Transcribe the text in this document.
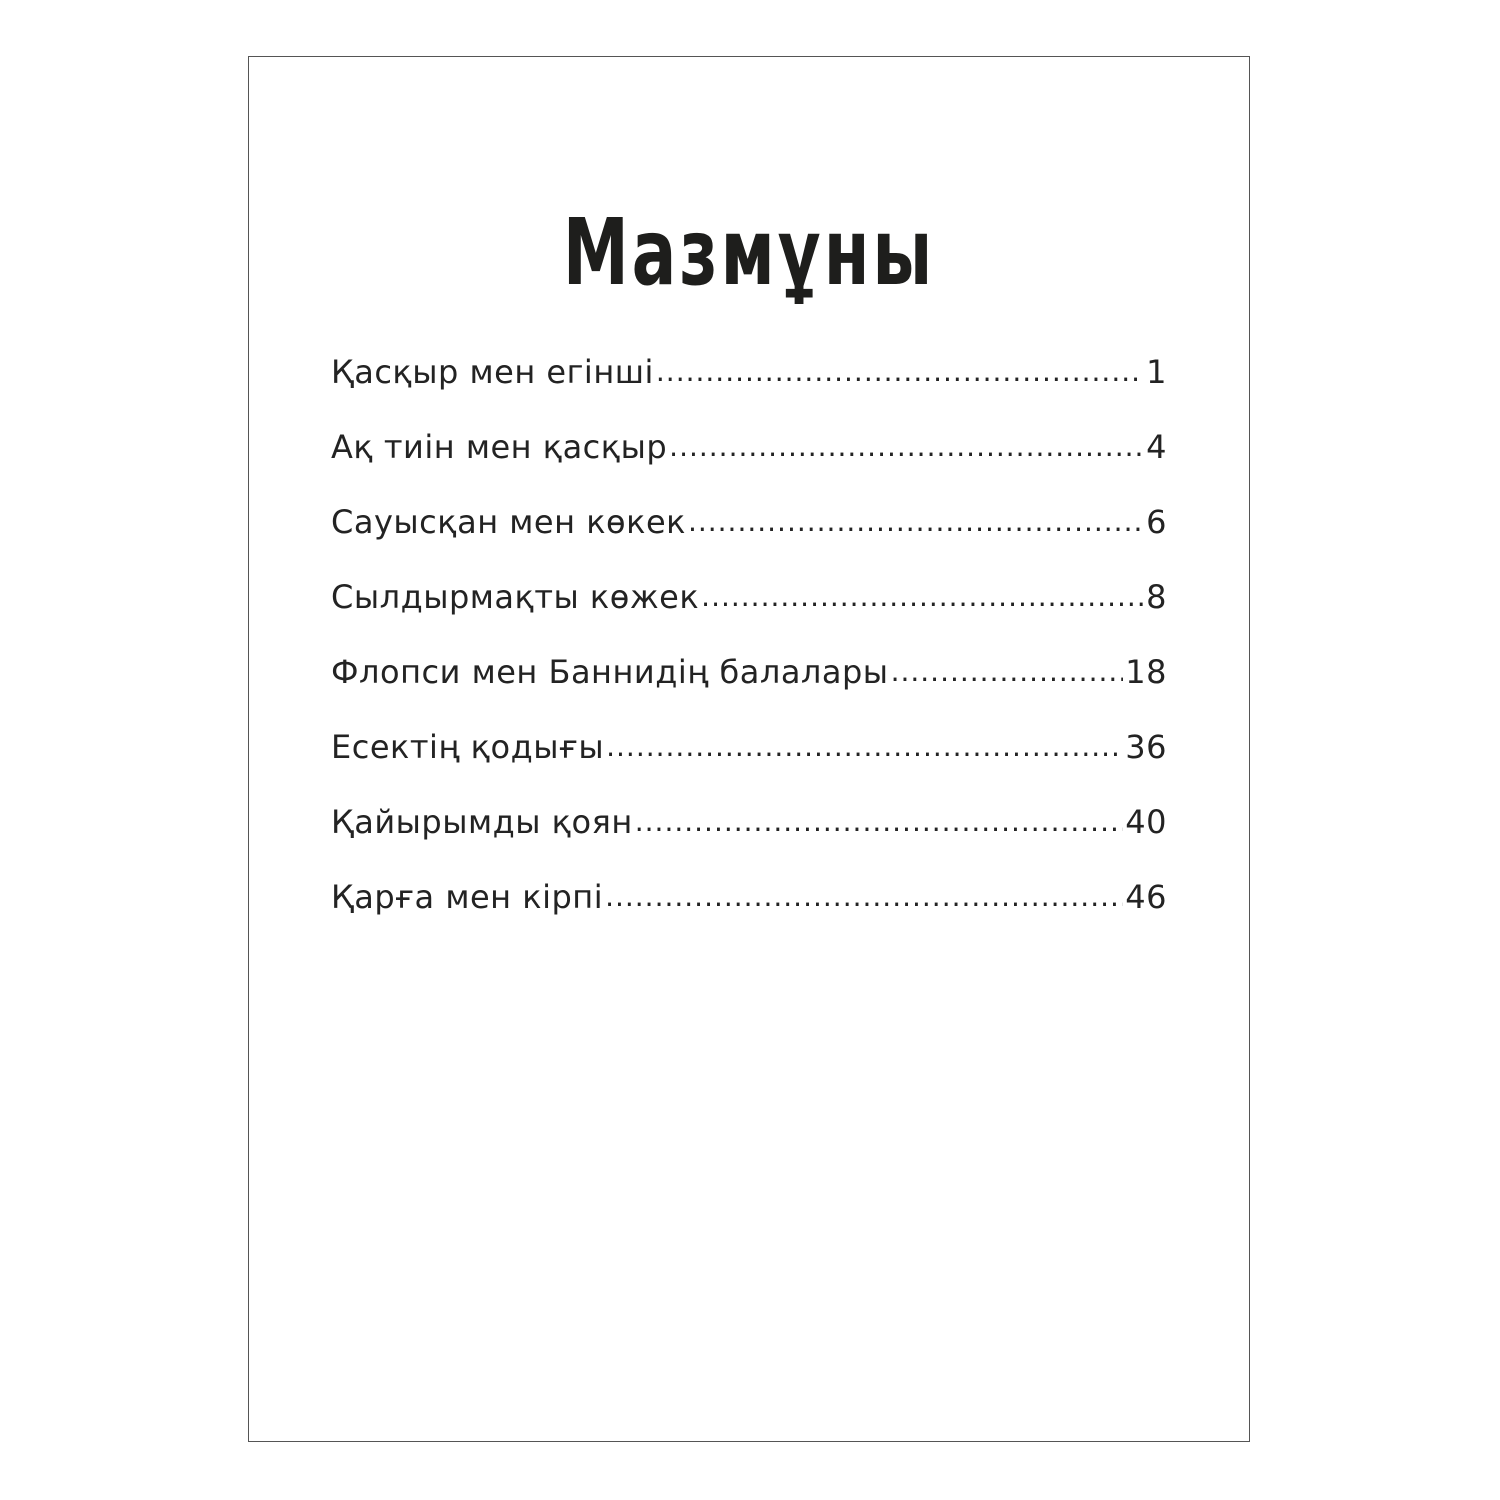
Мазмұны
Қасқыр мен егінші .....	1
Ақ тиін мен қасқыр .....	4
Сауысқан мен көкек .....	6
Сылдырмақты көжек .....	8
Флопси мен Баннидің балалары .....	18
Есектің қодығы .....	36
Қайырымды қоян .....	40
Қарға мен кірпі .....	46
